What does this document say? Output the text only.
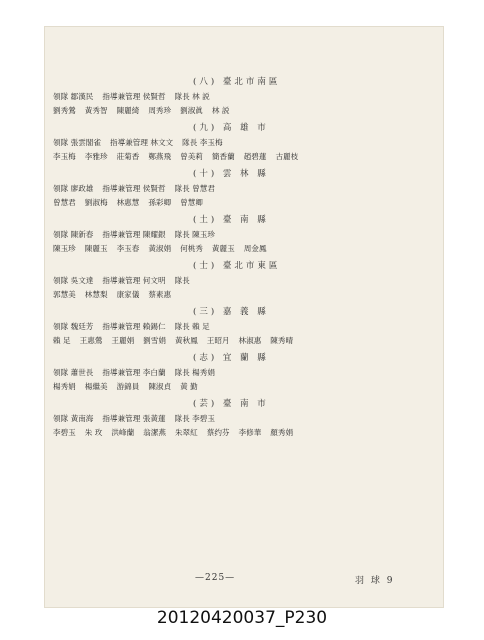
(八) 臺北市南區
領隊 鄒漢民 指導兼管理 侯賢哲 隊長 林 説
劉秀鶯 黃秀智 陳麗綺 周秀珍 劉淑眞 林 説
(九) 高 雄 市
領隊 張雲閣雀 指導兼管理 林文文 隊長 李玉梅
李玉梅 李雅珍 莊菊香 鄭燕飛 曾美莉 簡香蘭 趙碧蓮 古麗枝
(十) 雲 林 縣
領隊 廖政雄 指導兼管理 侯賢哲 隊長 曾慧君
曾慧君 劉淑梅 林惠慧 孫彩卿 曾慧卿
(土) 臺 南 縣
領隊 陳新春 指導兼管理 陳耀銀 隊長 陳玉珍
陳玉珍 陳麗玉 李玉春 黃淑娟 何桃秀 黃麗玉 周金鳳
(士) 臺北市東區
領隊 吳文達 指導兼管理 何文明 隊長
郭慧美 林慧梨 康家儀 蔡素惠
(三) 嘉 義 縣
領隊 魏廷芳 指導兼管理 賴錫仁 隊長 賴 足
賴 足 王惠鶯 王麗娟 劉雪娟 黃秋鳳 王昭月 林淑惠 陳秀晴
(志) 宜 蘭 縣
領隊 蕭世長 指導兼管理 李白蘭 隊長 楊秀娟
楊秀娟 楊繼美 游錦員 陳淑貞 黃 勤
(芸) 臺 南 市
領隊 黃南海 指導兼管理 張黃蓮 隊長 李碧玉
李碧玉 朱 玫 洪峰蘭 翁潔燕 朱翠紅 蔡约芬 李修華 顏秀娟
—225—	羽 球 9
20120420037_P230
